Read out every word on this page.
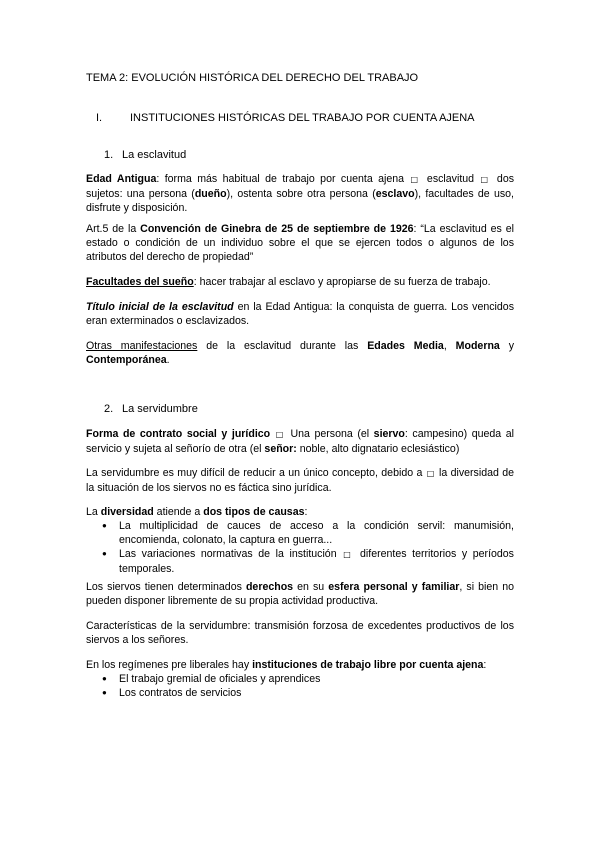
TEMA 2: EVOLUCIÓN HISTÓRICA DEL DERECHO DEL TRABAJO

I.	INSTITUCIONES HISTÓRICAS DEL TRABAJO POR CUENTA AJENA

1. La esclavitud

Edad Antigua: forma más habitual de trabajo por cuenta ajena □ esclavitud □ dos sujetos: una persona (dueño), ostenta sobre otra persona (esclavo), facultades de uso, disfrute y disposición.

Art.5 de la Convención de Ginebra de 25 de septiembre de 1926: “La esclavitud es el estado o condición de un individuo sobre el que se ejercen todos o algunos de los atributos del derecho de propiedad”

Facultades del sueño: hacer trabajar al esclavo y apropiarse de su fuerza de trabajo.

Título inicial de la esclavitud en la Edad Antigua: la conquista de guerra. Los vencidos eran exterminados o esclavizados.

Otras manifestaciones de la esclavitud durante las Edades Media, Moderna y Contemporánea.

2. La servidumbre

Forma de contrato social y jurídico □ Una persona (el siervo: campesino) queda al servicio y sujeta al señorío de otra (el señor: noble, alto dignatario eclesiástico)

La servidumbre es muy difícil de reducir a un único concepto, debido a □ la diversidad de la situación de los siervos no es fáctica sino jurídica.

La diversidad atiende a dos tipos de causas:
● La multiplicidad de cauces de acceso a la condición servil: manumisión, encomienda, colonato, la captura en guerra...
● Las variaciones normativas de la institución □ diferentes territorios y períodos temporales.

Los siervos tienen determinados derechos en su esfera personal y familiar, si bien no pueden disponer libremente de su propia actividad productiva.

Características de la servidumbre: transmisión forzosa de excedentes productivos de los siervos a los señores.

En los regímenes pre liberales hay instituciones de trabajo libre por cuenta ajena:
● El trabajo gremial de oficiales y aprendices
● Los contratos de servicios
